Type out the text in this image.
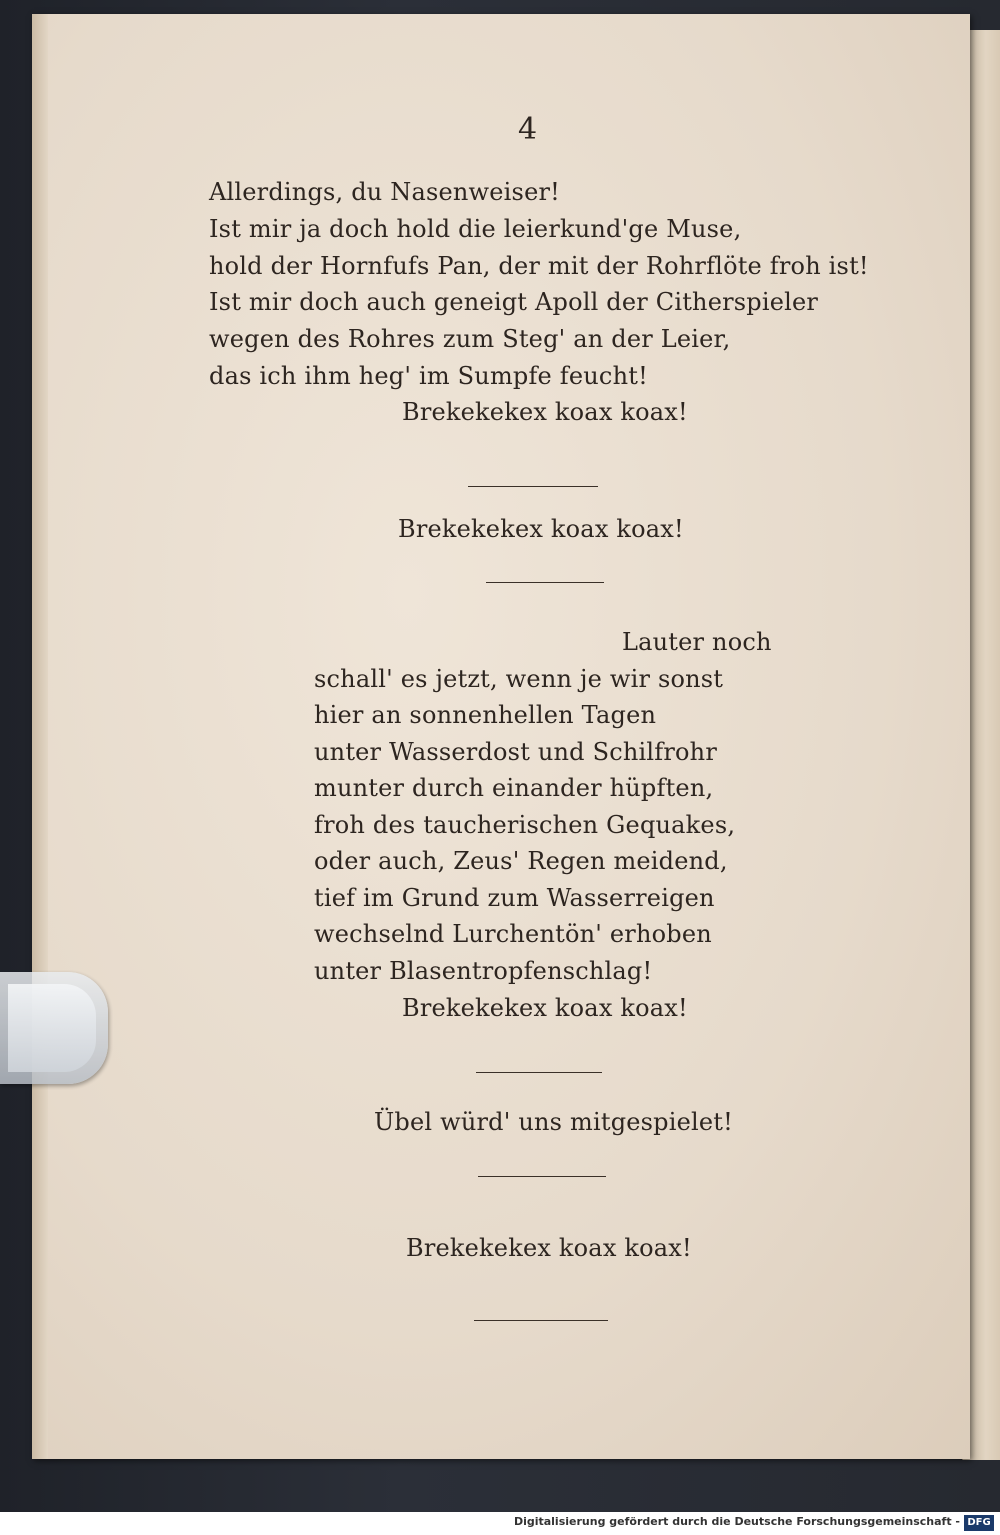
4
Allerdings, du Nasenweiser!
Ist mir ja doch hold die leierkund'ge Muse,
hold der Hornfufs Pan, der mit der Rohrflöte froh ist!
Ist mir doch auch geneigt Apoll der Citherspieler
wegen des Rohres zum Steg' an der Leier,
das ich ihm heg' im Sumpfe feucht!
Brekekekex koax koax!
Brekekekex koax koax!
Lauter noch
schall' es jetzt, wenn je wir sonst
hier an sonnenhellen Tagen
unter Wasserdost und Schilfrohr
munter durch einander hüpften,
froh des taucherischen Gequakes,
oder auch, Zeus' Regen meidend,
tief im Grund zum Wasserreigen
wechselnd Lurchentön' erhoben
unter Blasentropfenschlag!
Brekekekex koax koax!
Übel würd' uns mitgespielet!
Brekekekex koax koax!
Digitalisierung gefördert durch die Deutsche Forschungsgemeinschaft - DFG
